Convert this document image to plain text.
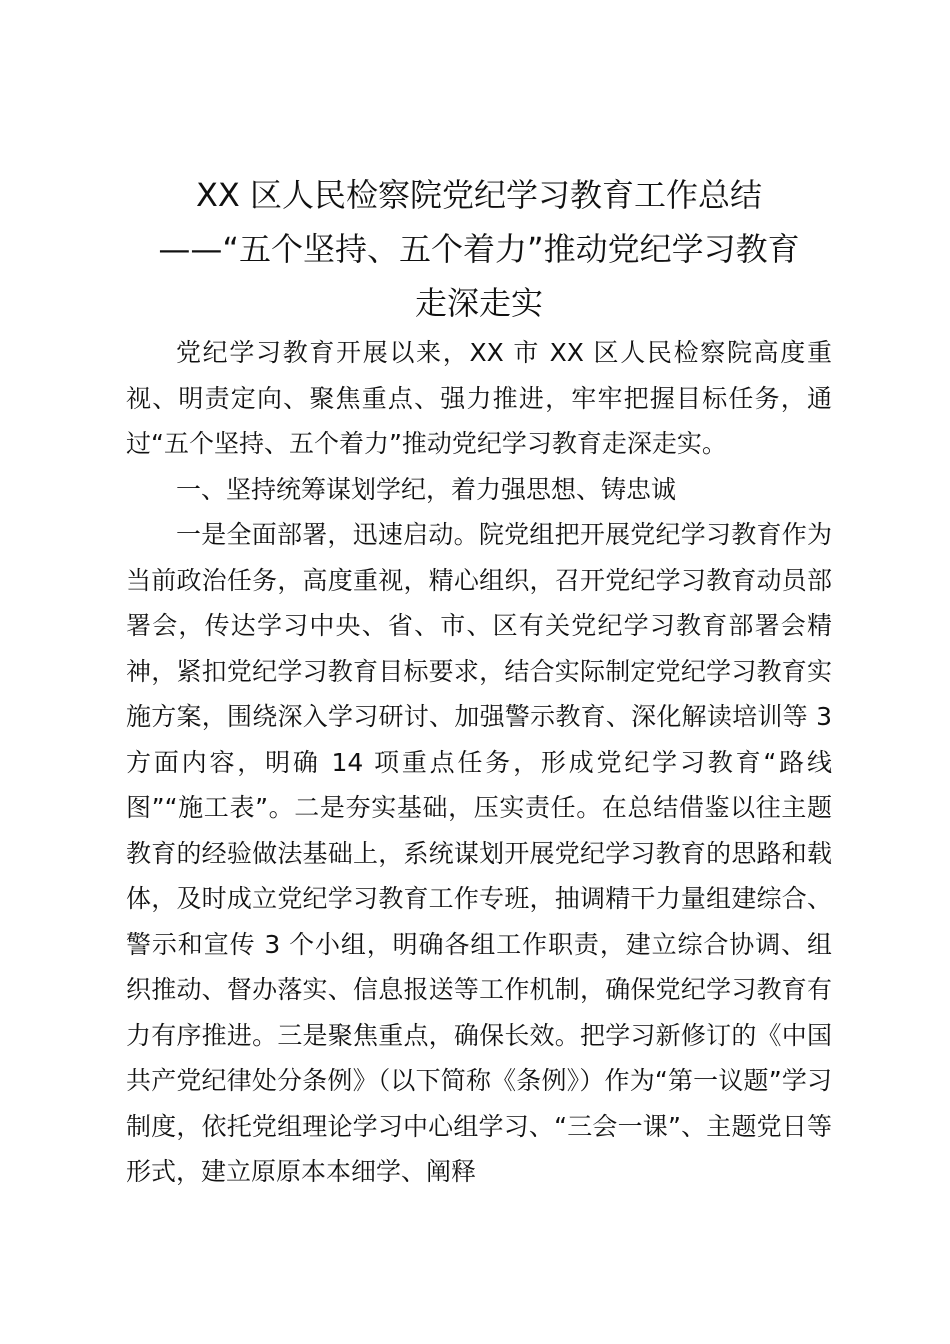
XX 区人民检察院党纪学习教育工作总结
——“五个坚持、五个着力”推动党纪学习教育
走深走实

党纪学习教育开展以来，XX 市 XX 区人民检察院高度重视、明责定向、聚焦重点、强力推进，牢牢把握目标任务，通过“五个坚持、五个着力”推动党纪学习教育走深走实。

一、坚持统筹谋划学纪，着力强思想、铸忠诚

一是全面部署，迅速启动。院党组把开展党纪学习教育作为当前政治任务，高度重视，精心组织，召开党纪学习教育动员部署会，传达学习中央、省、市、区有关党纪学习教育部署会精神，紧扣党纪学习教育目标要求，结合实际制定党纪学习教育实施方案，围绕深入学习研讨、加强警示教育、深化解读培训等 3 方面内容，明确 14 项重点任务，形成党纪学习教育“路线图”“施工表”。二是夯实基础，压实责任。在总结借鉴以往主题教育的经验做法基础上，系统谋划开展党纪学习教育的思路和载体，及时成立党纪学习教育工作专班，抽调精干力量组建综合、警示和宣传 3 个小组，明确各组工作职责，建立综合协调、组织推动、督办落实、信息报送等工作机制，确保党纪学习教育有力有序推进。三是聚焦重点，确保长效。把学习新修订的《中国共产党纪律处分条例》（以下简称《条例》）作为“第一议题”学习制度，依托党组理论学习中心组学习、“三会一课”、主题党日等形式，建立原原本本细学、阐释
